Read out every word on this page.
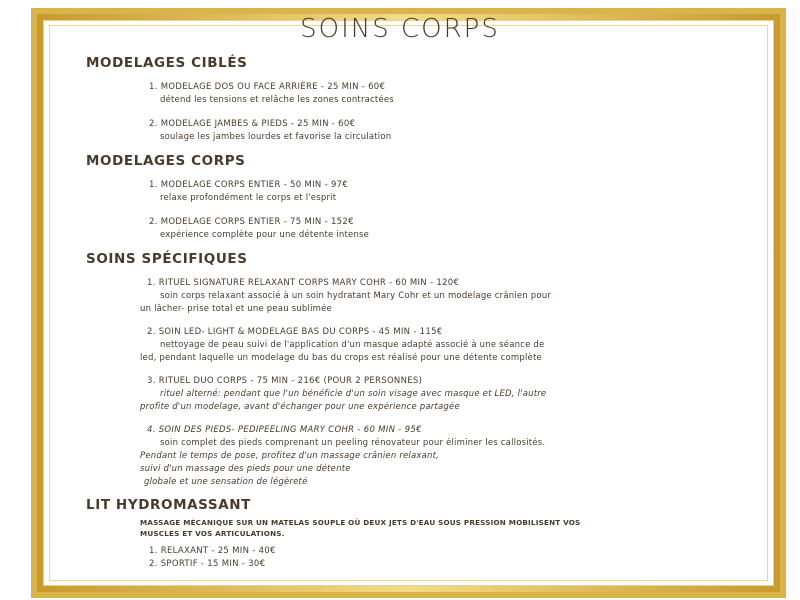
SOINS CORPS
MODELAGES CIBLÉS
1. MODELAGE DOS OU FACE ARRIÈRE - 25 MIN - 60€
détend les tensions et relâche les zones contractées
2. MODELAGE JAMBES & PIEDS - 25 MIN - 60€
soulage les jambes lourdes et favorise la circulation
MODELAGES CORPS
1. MODELAGE CORPS ENTIER - 50 MIN - 97€
relaxe profondément le corps et l'esprit
2. MODELAGE CORPS ENTIER - 75 MIN - 152€
expérience complète pour une détente intense
SOINS SPÉCIFIQUES
1. RITUEL SIGNATURE RELAXANT CORPS MARY COHR - 60 MIN - 120€
soin corps relaxant associé à un soin hydratant Mary Cohr et un modelage crânien pour
un lâcher- prise total et une peau sublimée
2. SOIN LED- LIGHT & MODELAGE BAS DU CORPS - 45 MIN - 115€
nettoyage de peau suivi de l'application d'un masque adapté associé à une séance de
led, pendant laquelle un modelage du bas du crops est réalisé pour une détente complète
3. RITUEL DUO CORPS - 75 MIN - 216€ (POUR 2 PERSONNES)
rituel alterné: pendant que l'un bénéficie d'un soin visage avec masque et LED, l'autre
profite d'un modelage, avant d'échanger pour une expérience partagée
4. SOIN DES PIEDS- PEDIPEELING MARY COHR - 60 MIN - 95€
soin complet des pieds comprenant un peeling rénovateur pour éliminer les callosités.
Pendant le temps de pose, profitez d'un massage crânien relaxant,
suivi d'un massage des pieds pour une détente
globale et une sensation de légèreté
LIT HYDROMASSANT
MASSAGE MÉCANIQUE SUR UN MATELAS SOUPLE OÙ DEUX JETS D'EAU SOUS PRESSION MOBILISENT VOS
MUSCLES ET VOS ARTICULATIONS.
1. RELAXANT - 25 MIN - 40€
2. SPORTIF - 15 MIN - 30€
